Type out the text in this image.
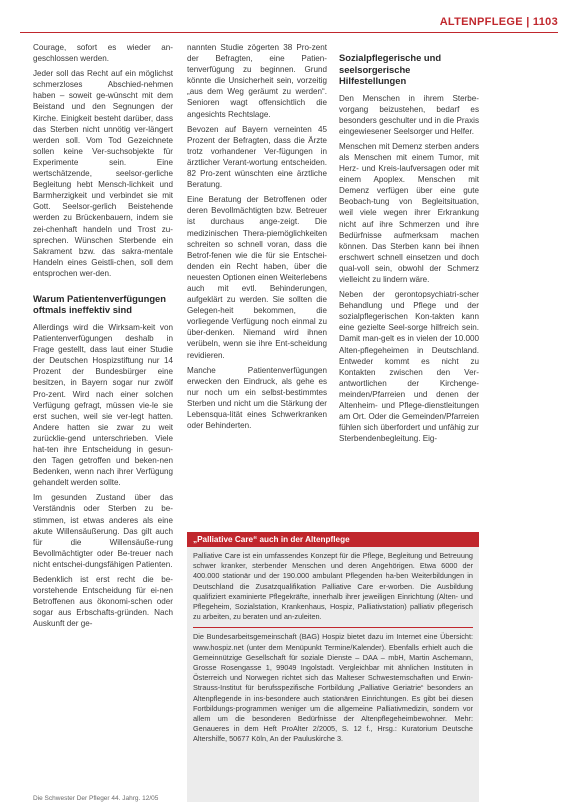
ALTENPFLEGE | 1103

Courage, sofort es wieder an-geschlossen werden.

Jeder soll das Recht auf ein möglichst schmerzloses Abschied-nehmen haben – soweit ge-wünscht mit dem Beistand und den Segnungen der Kirche. Einigkeit besteht darüber, dass das Sterben nicht unnötig ver-längert werden soll. Vom Tod Gezeichnete sollen keine Ver-suchsobjekte für Experimente sein. Eine wertschätzende, seelsor-gerliche Begleitung hebt Mensch-lichkeit und Barmherzigkeit und verbindet sie mit Gott. Seelsor-gerlich Beistehende werden zu Brückenbauern, indem sie zei-chenhaft handeln und Trost zu-sprechen. Wünschen Sterbende ein Sakrament bzw. das sakra-mentale Handeln eines Geistli-chen, soll dem entsprochen wer-den.

Warum Patientenverfügungen oftmals ineffektiv sind

Allerdings wird die Wirksam-keit von Patientenverfügungen deshalb in Frage gestellt, dass laut einer Studie der Deutschen Hospizstiftung nur 14 Prozent der Bundesbürger eine besitzen, in Bayern sogar nur zwölf Pro-zent. Wird nach einer solchen Verfügung gefragt, müssen vie-le sie erst suchen, weil sie ver-legt hatten. Andere hatten sie zwar zu weit zurücklie-gend unterschrieben. Viele hat-ten ihre Entscheidung in gesun-den Tagen getroffen und beken-nen Bedenken, wenn nach ihrer Verfügung gehandelt werden sollte.

Im gesunden Zustand über das Verständnis oder Sterben zu be-stimmen, ist etwas anderes als eine akute Willensäußerung. Das gilt auch für die Willensäuße-rung Bevollmächtigter oder Be-treuer nach nicht entschei-dungsfähigen Patienten.

Bedenklich ist erst recht die be-vorstehende Entscheidung für ei-nen Betroffenen aus ökonomi-schen oder sogar aus Erbschafts-gründen. Nach Auskunft der ge-

nannten Studie zögerten 38 Pro-zent der Befragten, eine Patien-tenverfügung zu beginnen. Grund könnte die Unsicherheit sein, vorzeitig „aus dem Weg geräumt zu werden“. Senioren wagt offensichtlich die angesichts Rechtslage.

Bevozen auf Bayern verneinten 45 Prozent der Befragten, dass die Ärzte trotz vorhandener Ver-fügungen in ärztlicher Verant-wortung entscheiden. 82 Pro-zent wünschten eine ärztliche Beratung.

Eine Beratung der Betroffenen oder deren Bevollmächtigten bzw. Betreuer ist durchaus ange-zeigt. Die medizinischen Thera-piemöglichkeiten schreiten so schnell voran, dass die Betrof-fenen wie die für sie Entschei-denden ein Recht haben, über die neuesten Optionen einen Weiterlebens auch mit evtl. Behinderungen, aufgeklärt zu werden. Sie sollten die Gelegen-heit bekommen, die vorliegende Verfügung noch einmal zu über-denken. Niemand wird ihnen verübeln, wenn sie ihre Ent-scheidung revidieren.

Manche Patientenverfügungen erwecken den Eindruck, als gehe es nur noch um ein selbst-bestimmtes Sterben und nicht um die Stärkung der Lebensqua-lität eines Schwerkranken oder Behinderten.

Sozialpflegerische und seelsorgerische Hilfestellungen

Den Menschen in ihrem Sterbe-vorgang beizustehen, bedarf es besonders geschulter und in die Praxis eingewiesener Seelsorger und Helfer.

Menschen mit Demenz sterben anders als Menschen mit einem Tumor, mit Herz- und Kreis-laufversagen oder mit einem Apoplex. Menschen mit Demenz verfügen über eine gute Beobach-tung von Begleitsituation, weil viele wegen ihrer Erkrankung nicht auf ihre Schmerzen und ihre Bedürfnisse aufmerksam machen können. Das Sterben kann bei ihnen erschwert schnell einsetzen und doch qual-voll sein, obwohl der Schmerz vielleicht zu lindern wäre.

Neben der gerontopsychiatri-scher Behandlung und Pflege und der sozialpflegerischen Kon-takten kann eine gezielte Seel-sorge hilfreich sein. Damit man-gelt es in vielen der 10.000 Alten-pflegeheimen in Deutschland. Entweder kommt es nicht zu Kontakten zwischen den Ver-antwortlichen der Kirchenge-meinden/Pfarreien und denen der Altenheim- und Pflege-dienstleitungen am Ort. Oder die Gemeinden/Pfarreien fühlen sich überfordert und unfähig zur Sterbendenbegleitung. Eig-

„Palliative Care“ auch in der Altenpflege

Palliative Care ist ein umfassendes Konzept für die Pflege, Begleitung und Betreuung schwer kranker, sterbender Menschen und deren Angehörigen. Etwa 6000 der 400.000 stationär und der 190.000 ambulant Pflegenden ha-ben Weiterbildungen in Deutschland die Zusatzqualifikation Palliative Care er-worben. Die Ausbildung qualifiziert examinierte Pflegekräfte, innerhalb ihrer jeweiligen Einrichtung (Alten- und Pflegeheim, Sozialstation, Krankenhaus, Hospiz, Palliativstation) palliativ pflegerisch zu arbeiten, zu beraten und an-zuleiten.

Die Bundesarbeitsgemeinschaft (BAG) Hospiz bietet dazu im Internet eine Übersicht: www.hospiz.net (unter dem Menüpunkt Termine/Kalender). Ebenfalls erhielt auch die Gemeinnützige Gesellschaft für soziale Dienste – DAA – mbH, Martin Aschemann, Grosse Rosengasse 1, 99049 Ingolstadt. Vergleichbar mit ähnlichen Instituten in Österreich und Norwegen richtet sich das Malteser Schwesternschaften und Erwin-Strauss-Institut für berufsspezifische Fortbildung „Palliative Geriatrie“ besonders an Altenpflegende in ins-besondere auch stationären Einrichtungen. Es gibt bei diesen Fortbildungs-programmen weniger um die allgemeine Palliativmedizin, sondern vor allem um die besonderen Bedürfnisse der Altenpflegeheimbewohner. Mehr: Genaueres in dem Heft ProAlter 2/2005, S. 12 f., Hrsg.: Kuratorium Deutsche Altershilfe, 50677 Köln, An der Pauluskirche 3.

Die Schwester Der Pfleger 44. Jahrg. 12/05
